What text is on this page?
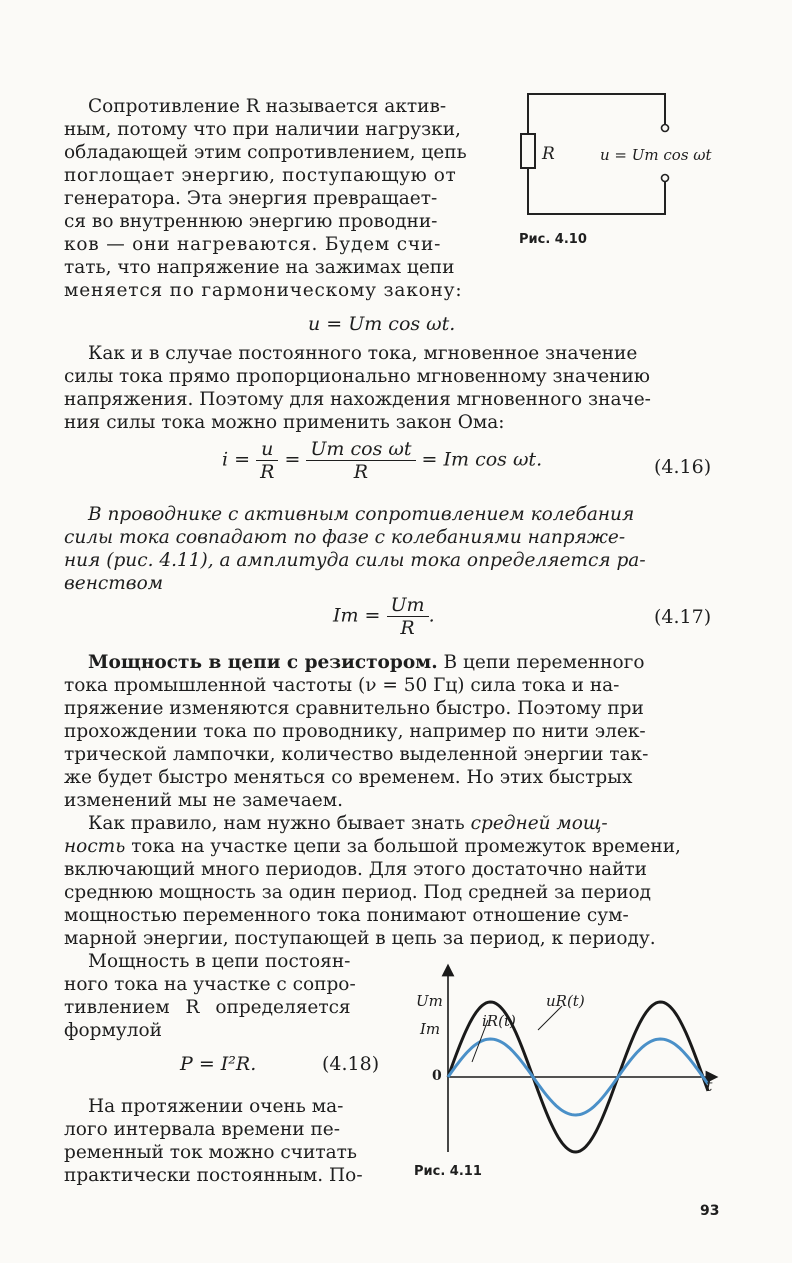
Сопротивление R называется актив-
ным, потому что при наличии нагрузки,
обладающей этим сопротивлением, цепь
поглощает энергию, поступающую от
генератора. Эта энергия превращает-
ся во внутреннюю энергию проводни-
ков — они нагреваются. Будем счи-
тать, что напряжение на зажимах цепи
меняется по гармоническому закону:
R	u = Um cos ωt
Рис. 4.10
u = Um cos ωt.
Как и в случае постоянного тока, мгновенное значение
силы тока прямо пропорционально мгновенному значению
напряжения. Поэтому для нахождения мгновенного значе-
ния силы тока можно применить закон Ома:
$i = \frac{u}{R} = \frac{\text{Um cos ωt}}{R} = Im$ cos ωt.	(4.16)
В проводнике с активным сопротивлением колебания
силы тока совпадают по фазе с колебаниями напряже-
ния (рис. 4.11), а амплитуда силы тока определяется ра-
венством
$Im = \frac{Um}{R}$ .	(4.17)
Мощность в цепи с резистором. В цепи переменного
тока промышленной частоты (ν = 50 Гц) сила тока и на-
пряжение изменяются сравнительно быстро. Поэтому при
прохождении тока по проводнику, например по нити элек-
трической лампочки, количество выделенной энергии так-
же будет быстро меняться со временем. Но этих быстрых
изменений мы не замечаем.
Как правило, нам нужно бывает знать средней мощ-
ность тока на участке цепи за большой промежуток времени,
включающий много периодов. Для этого достаточно найти
среднюю мощность за один период. Под средней за период
мощностью переменного тока понимают отношение сум-
марной энергии, поступающей в цепь за период, к периоду.
Мощность в цепи постоян-
ного тока на участке с сопро-
тивлением R определяется
формулой
P = I²R.	(4.18)
На протяжении очень ма-
лого интервала времени пе-
ременный ток можно считать
практически постоянным. По-
Um
Im
0	t
uR(t)
iR(t)
Рис. 4.11
93
